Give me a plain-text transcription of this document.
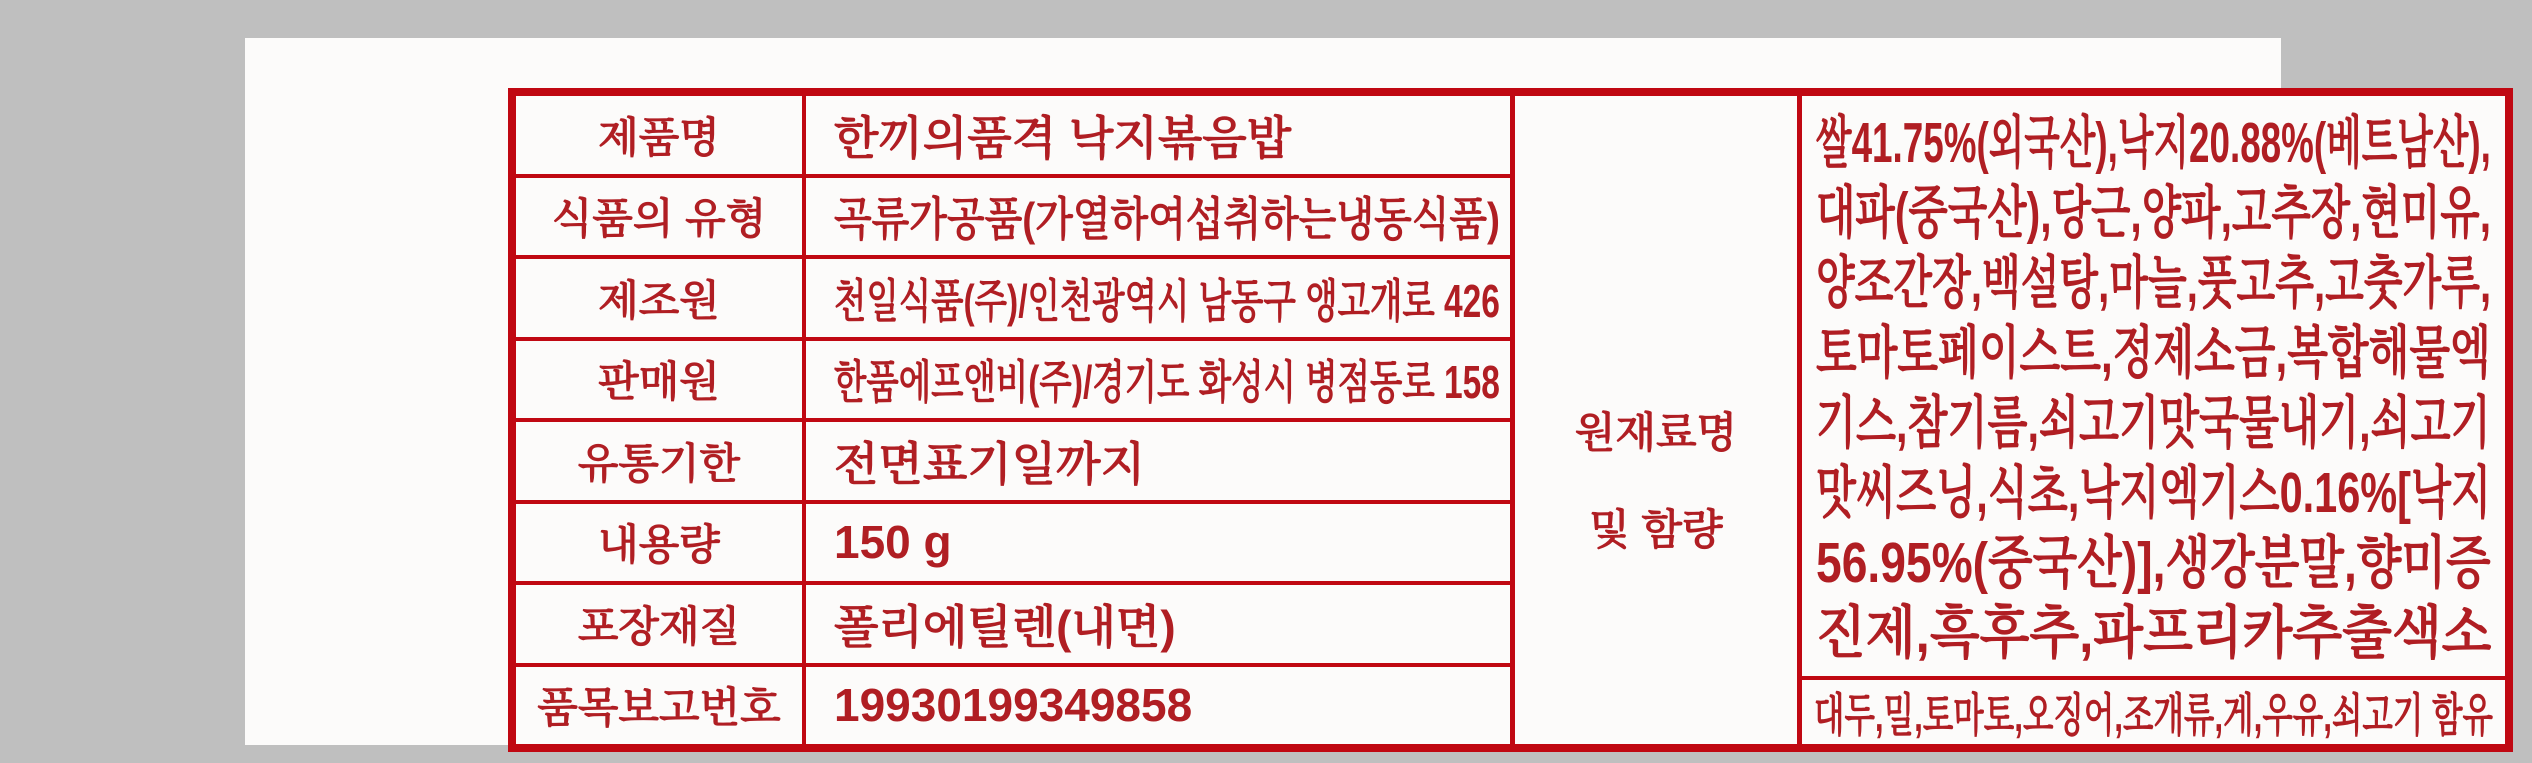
제품명	한끼의품격 낙지볶음밥
식품의 유형	곡류가공품(가열하여섭취하는냉동식품)
제조원	천일식품(주)/인천광역시 남동구 앵고개로 426
판매원	한품에프앤비(주)/경기도 화성시 병점동로 158
유통기한	전면표기일까지
내용량	150 g
포장재질	폴리에틸렌(내면)
품목보고번호	19930199349858
원재료명
및 함량
쌀41.75%(외국산),낙지20.88%(베트남산),
대파(중국산),당근,양파,고추장,현미유,
양조간장,백설탕,마늘,풋고추,고춧가루,
토마토페이스트,정제소금,복합해물엑
기스,참기름,쇠고기맛국물내기,쇠고기
맛씨즈닝,식초,낙지엑기스0.16%[낙지
56.95%(중국산)],생강분말,향미증
진제,흑후추,파프리카추출색소
대두,밀,토마토,오징어,조개류,게,우유,쇠고기 함유
